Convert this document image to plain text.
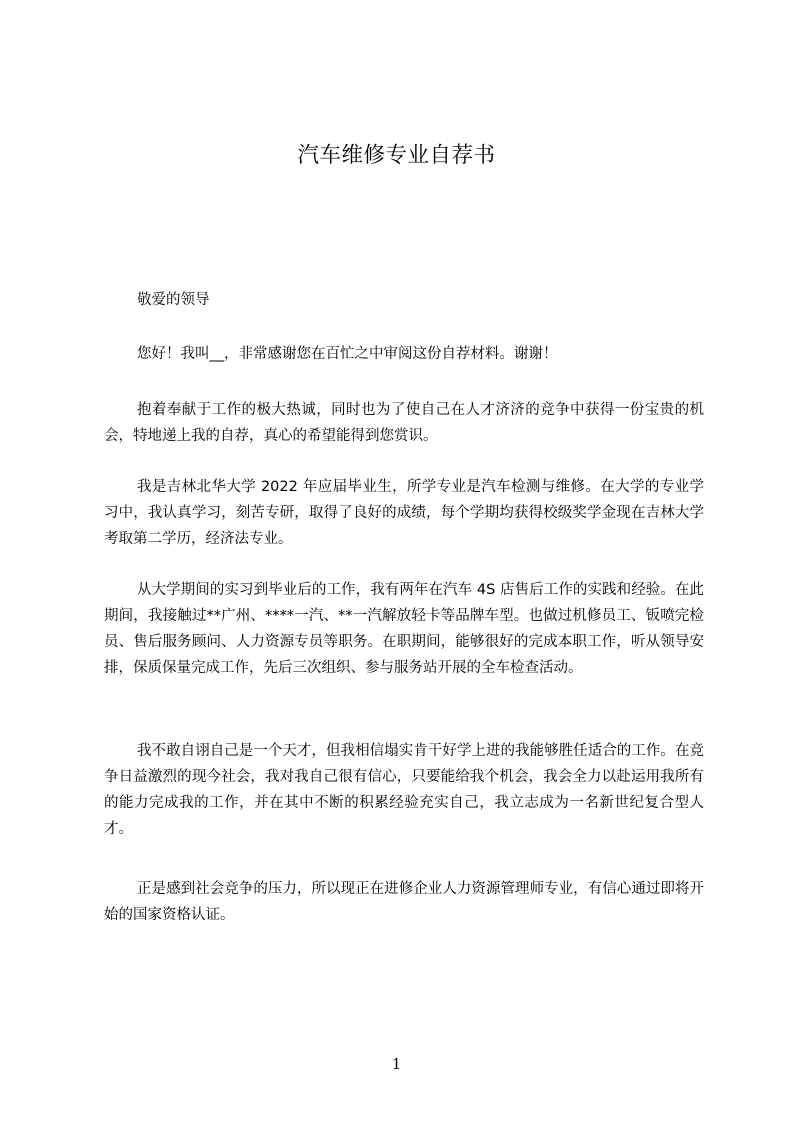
汽车维修专业自荐书

敬爱的领导

您好！我叫__，非常感谢您在百忙之中审阅这份自荐材料。谢谢！

抱着奉献于工作的极大热诚，同时也为了使自己在人才济济的竞争中获得一份宝贵的机会，特地递上我的自荐，真心的希望能得到您赏识。

我是吉林北华大学 2022 年应届毕业生，所学专业是汽车检测与维修。在大学的专业学习中，我认真学习，刻苦专研，取得了良好的成绩，每个学期均获得校级奖学金现在吉林大学考取第二学历，经济法专业。

从大学期间的实习到毕业后的工作，我有两年在汽车 4S 店售后工作的实践和经验。在此期间，我接触过**广州、****一汽、**一汽解放轻卡等品牌车型。也做过机修员工、钣喷完检员、售后服务顾问、人力资源专员等职务。在职期间，能够很好的完成本职工作，听从领导安排，保质保量完成工作，先后三次组织、参与服务站开展的全车检查活动。

我不敢自诩自己是一个天才，但我相信塌实肯干好学上进的我能够胜任适合的工作。在竞争日益激烈的现今社会，我对我自己很有信心，只要能给我个机会，我会全力以赴运用我所有的能力完成我的工作，并在其中不断的积累经验充实自己，我立志成为一名新世纪复合型人才。

正是感到社会竞争的压力，所以现正在进修企业人力资源管理师专业，有信心通过即将开始的国家资格认证。

1
